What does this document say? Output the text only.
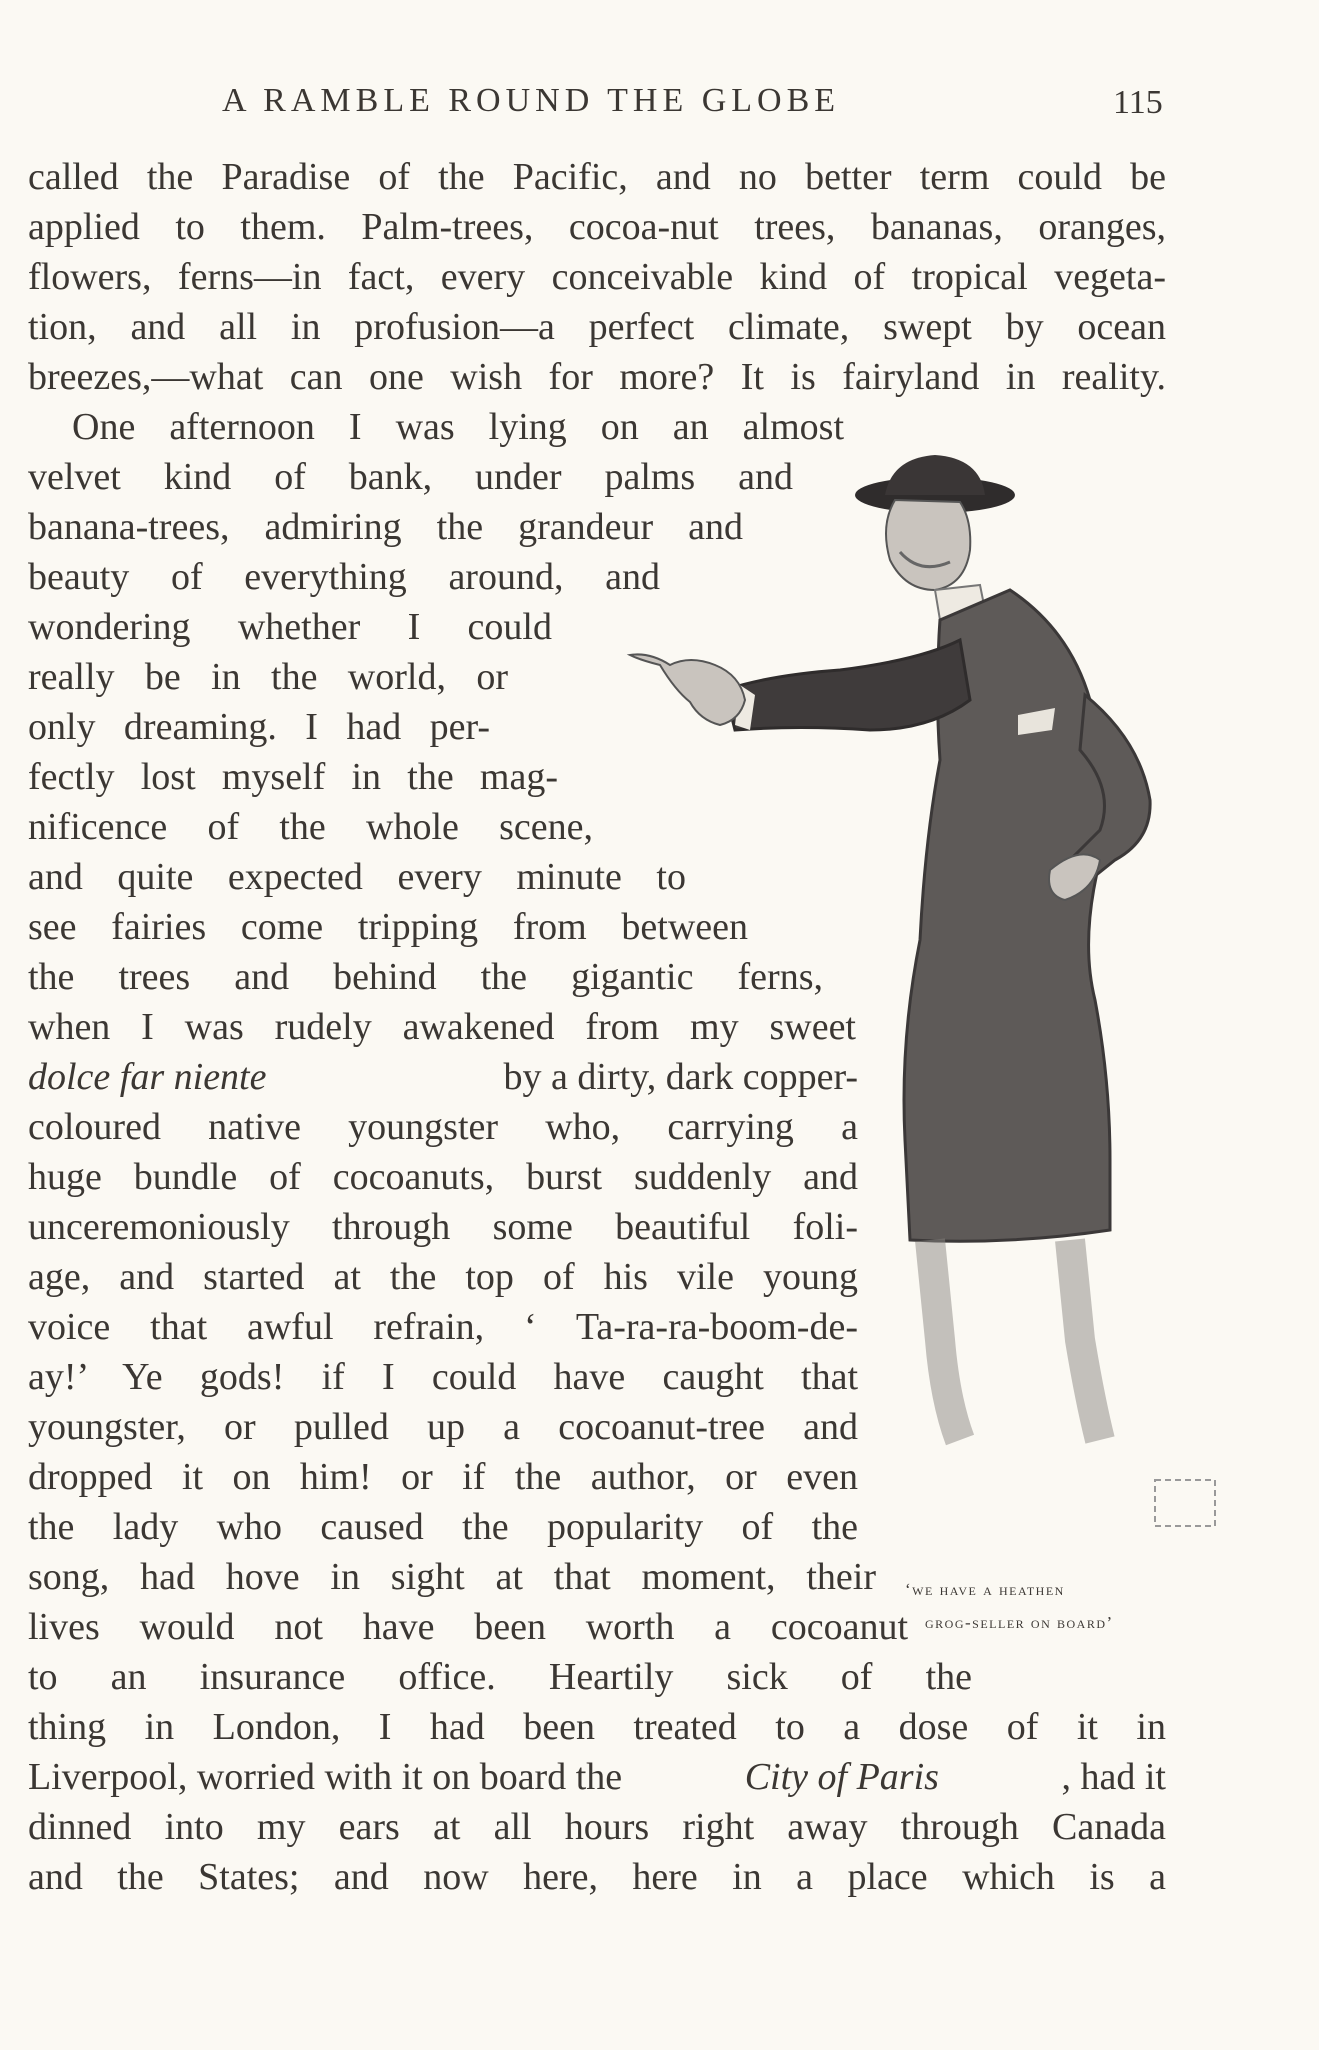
A RAMBLE ROUND THE GLOBE	115
called the Paradise of the Pacific, and no better term could be
applied to them. Palm-trees, cocoa-nut trees, bananas, oranges,
flowers, ferns—in fact, every conceivable kind of tropical vegeta-
tion, and all in profusion—a perfect climate, swept by ocean
breezes,—what can one wish for more? It is fairyland in reality.
One afternoon I was lying on an almost
velvet kind of bank, under palms and
banana-trees, admiring the grandeur and
beauty of everything around, and
wondering whether I could
really be in the world, or
only dreaming. I had per-
fectly lost myself in the mag-
nificence of the whole scene,
and quite expected every minute to
see fairies come tripping from between
the trees and behind the gigantic ferns,
when I was rudely awakened from my sweet
dolce far niente	by a dirty, dark copper-
coloured native youngster who, carrying a
huge bundle of cocoanuts, burst suddenly and
unceremoniously through some beautiful foli-
age, and started at the top of his vile young
voice that awful refrain, ‘ Ta-ra-ra-boom-de-
ay!’ Ye gods! if I could have caught that
youngster, or pulled up a cocoanut-tree and
dropped it on him! or if the author, or even
the lady who caused the popularity of the
song, had hove in sight at that moment, their
lives would not have been worth a cocoanut
to an insurance office. Heartily sick of the
thing in London, I had been treated to a dose of it in
Liverpool, worried with it on board the	City of Paris	, had it
dinned into my ears at all hours right away through Canada
and the States; and now here, here in a place which is a
‘we have a heathen
grog-seller on board’
